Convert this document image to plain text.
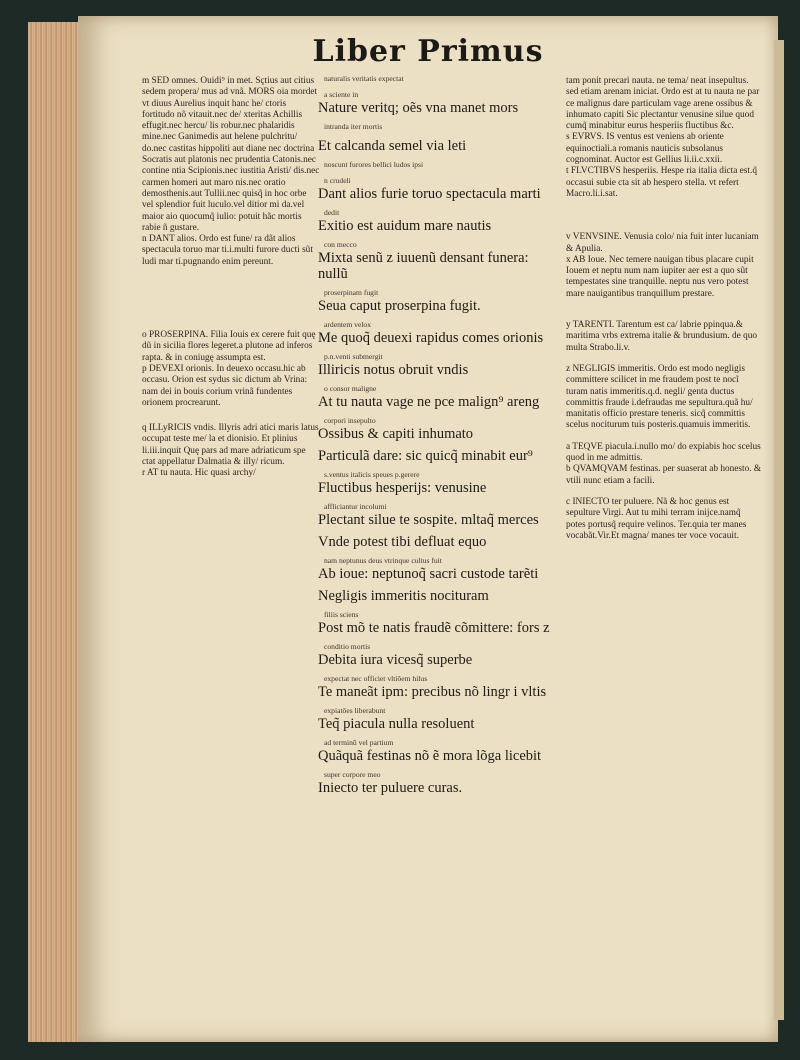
Liber Primus

m SED omnes. Ouidi⁹ in met. Sçtius aut citius sedem propera/ mus ad vnã. MORS oia mordet vt diuus Aurelius inquit hanc he/ ctoris fortitudo nõ vitauit.nec de/ xteritas Achillis effugit.nec hercu/ lis robur.nec phalaridis mine.nec Ganimedis aut helene pulchritu/ do.nec castitas hippoliti aut diane nec doctrina Socratis aut platonis nec prudentia Catonis.nec contine ntia Scipionis.nec iustitia Aristi/ dis.nec carmen homeri aut maro nis.nec oratio demosthenis.aut Tullii.nec quisq̃ in hoc orbe vel splendior fuit luculo.vel ditior mi da.vel maior aio quocumq̃ iulio: potuit hãc mortis rabie ñ gustare.

n DANT alios. Ordo est fune/ ra dãt alios spectacula toruo mar ti.i.multi furore ducti sũt ludi mar ti.pugnando enim pereunt.

o PROSERPINA. Filia Iouis ex cerere fuit quę dũ in sicilia flores legeret.a plutone ad inferos rapta. & in coniugę assumpta est.

p DEVEXI orionis. In deuexo occasu.hic ab occasu. Orion est sydus sic dictum ab Vrina: nam dei in bouis corium vrinã fundentes orionem procrearunt.

q ILLyRICIS vndis. Illyris adri atici maris latus occupat teste me/ la et dionisio. Et plinius li.iii.inquit Quę pars ad mare adriaticum spe ctat appellatur Dalmatia & illy/ ricum.

r AT tu nauta. Hic quasi archy/

naturalis veritatis expectat
a sciente in
Nature veritq; oẽs vna manet mors
intranda iter mortis
Et calcanda semel via leti
noscunt furores bellici ludos ipsi
n crudeli
Dant alios furie toruo spectacula marti
dedit
Exitio est auidum mare nautis
con mecco
Mixta senũ z iuuenũ densant funera: nullũ
proserpinam fugit
Seua caput proserpina fugit.
ardentem velox
Me quoq̃ deuexi rapidus comes orionis
p.n.venti submergit
Illiricis notus obruit vndis
o consor maligne
At tu nauta vage ne pce malign⁹ areng
corpori insepulto
Ossibus & capiti inhumato
Particulã dare: sic quicq̃ minabit eur⁹
s.ventus italicis speues p.gerere
Fluctibus hesperijs: venusine
affliciantur incolumi
Plectant silue te sospite. mltaq̃ merces
Vnde potest tibi defluat equo
nam neptunus deus vtrinque cultus fuit
Ab ioue: neptunoq̃ sacri custode tarẽti
Negligis immeritis nocituram
filiis sciens
Post mõ te natis fraudẽ cõmittere: fors z
conditio mortis
Debita iura vicesq̃ superbe
expectat nec officiet vltiõem hilus
Te maneãt ipm: precibus nõ lingr i vltis
expiatões liberabunt
Teq̃ piacula nulla resoluent
ad terminũ vel partium
Quãquã festinas nõ ẽ mora lõga licebit
super corpore meo
Iniecto ter puluere curas.

tam ponit precari nauta. ne tema/ neat insepultus. sed etiam arenam iniciat. Ordo est at tu nauta ne par ce malignus dare particulam vage arene ossibus & inhumato capiti Sic plectantur venusine silue quod cumq̃ minabitur eurus hesperiis fluctibus &c.

s EVRVS. IS ventus est veniens ab oriente equinoctiali.a romanis nauticis subsolanus cognominat. Auctor est Gellius li.ii.c.xxii.

t FLVCTIBVS hesperiis. Hespe ria italia dicta est.q̃ occasui subie cta sit ab hespero stella. vt refert Macro.li.i.sat.

v VENVSINE. Venusia colo/ nia fuit inter lucaniam & Apulia.

x AB Ioue. Nec temere nauigan tibus placare cupit Iouem et neptu num nam iupiter aer est a quo sũt tempestates sine tranquille. neptu nus vero potest mare nauigantibus tranquillum prestare.

y TARENTI. Tarentum est ca/ labrie ppinqua.& maritima vrbs extrema italie & brundusium. de quo multa Strabo.li.v.

z NEGLIGIS immeritis. Ordo est modo negligis committere scilicet in me fraudem post te nocĩ turam natis immeritis.q.d. negli/ genta ductus committis fraude i.defraudas me sepultura.quã hu/ manitatis officio prestare teneris. sicq̃ committis scelus nociturum tuis posteris.quamuis immeritis.

a TEQVE piacula.i.nullo mo/ do expiabis hoc scelus quod in me admittis.

b QVAMQVAM festinas. per suaserat ab honesto. & vtili nunc etiam a facili.

c INIECTO ter puluere. Nã & hoc genus est sepulture Virgi. Aut tu mihi terram inijce.namq̃ potes portusq̃ require velinos. Ter.quia ter manes vocabãt.Vir.Et magna/ manes ter voce vocauit.
